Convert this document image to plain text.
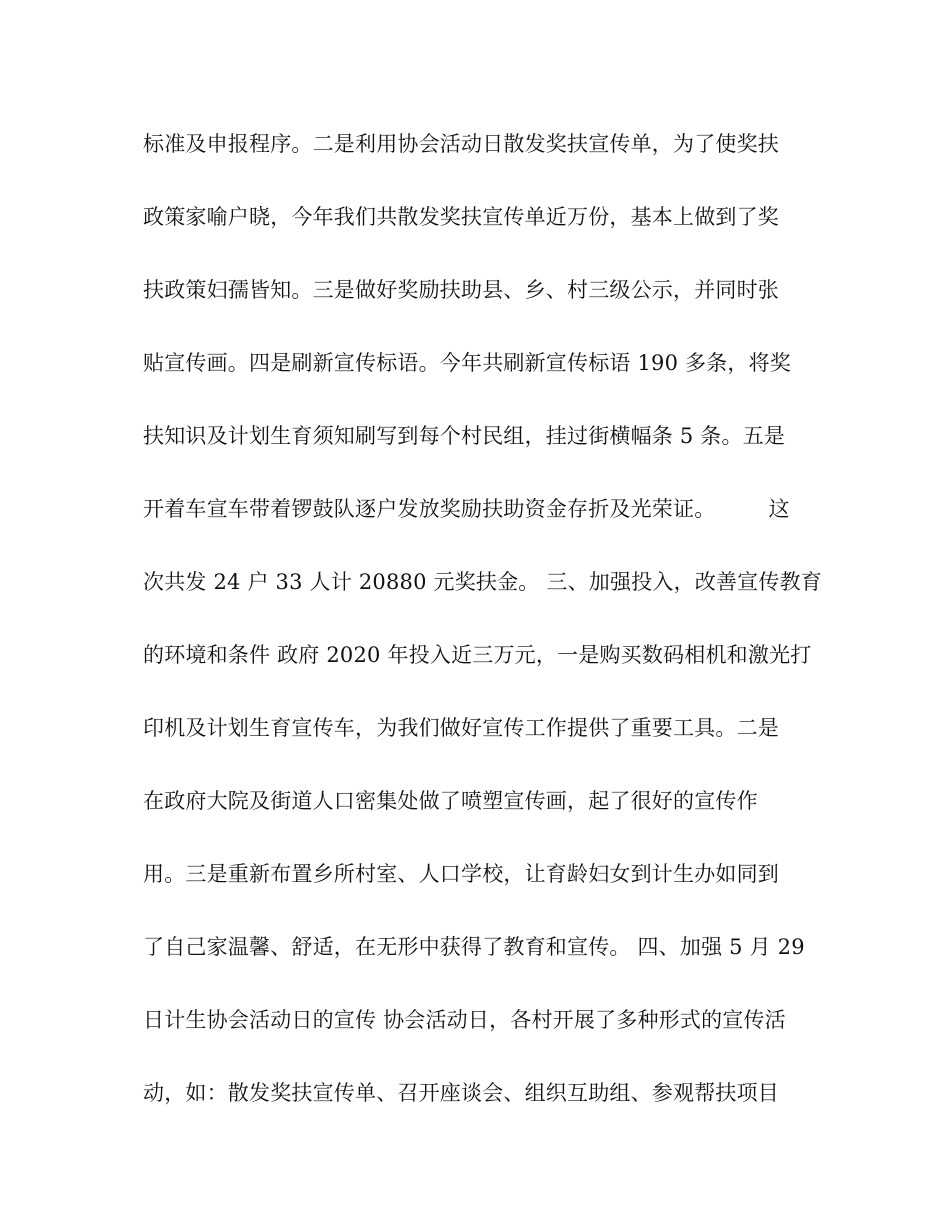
标准及申报程序。二是利用协会活动日散发奖扶宣传单，为了使奖扶
政策家喻户晓，今年我们共散发奖扶宣传单近万份，基本上做到了奖
扶政策妇孺皆知。三是做好奖励扶助县、乡、村三级公示，并同时张
贴宣传画。四是刷新宣传标语。今年共刷新宣传标语 190 多条，将奖
扶知识及计划生育须知刷写到每个村民组，挂过街横幅条 5 条。五是
开着车宣车带着锣鼓队逐户发放奖励扶助资金存折及光荣证。　　　这
次共发 24 户 33 人计 20880 元奖扶金。 三、加强投入，改善宣传教育
的环境和条件 政府 2020 年投入近三万元，一是购买数码相机和激光打
印机及计划生育宣传车，为我们做好宣传工作提供了重要工具。二是
在政府大院及街道人口密集处做了喷塑宣传画，起了很好的宣传作
用。三是重新布置乡所村室、人口学校，让育龄妇女到计生办如同到
了自己家温馨、舒适，在无形中获得了教育和宣传。 四、加强 5 月 29
日计生协会活动日的宣传 协会活动日，各村开展了多种形式的宣传活
动，如：散发奖扶宣传单、召开座谈会、组织互助组、参观帮扶项目
